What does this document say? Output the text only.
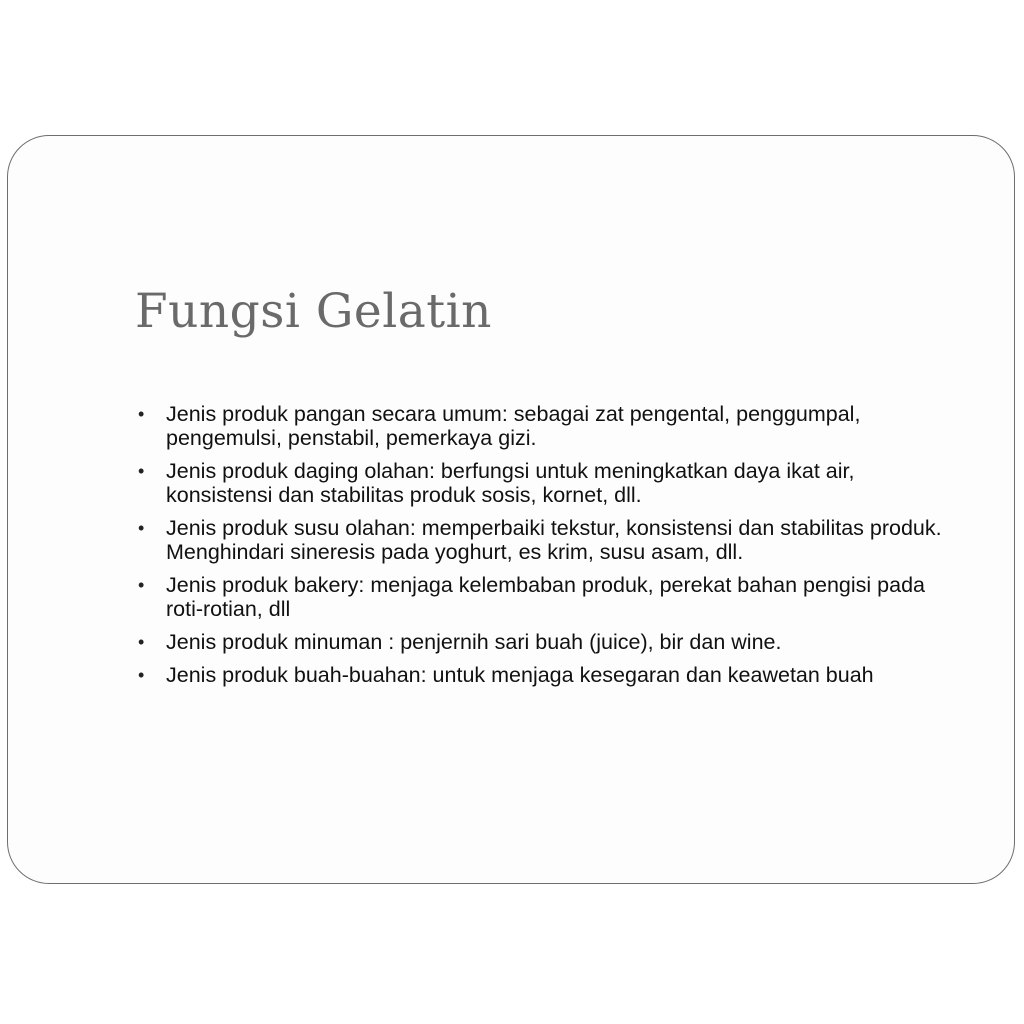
Fungsi Gelatin
• Jenis produk pangan secara umum: sebagai zat pengental, penggumpal, pengemulsi, penstabil, pemerkaya gizi.
• Jenis produk daging olahan: berfungsi untuk meningkatkan daya ikat air, konsistensi dan stabilitas produk sosis, kornet, dll.
• Jenis produk susu olahan: memperbaiki tekstur, konsistensi dan stabilitas produk. Menghindari sineresis pada yoghurt, es krim, susu asam, dll.
• Jenis produk bakery: menjaga kelembaban produk, perekat bahan pengisi pada roti-rotian, dll
• Jenis produk minuman : penjernih sari buah (juice), bir dan wine.
• Jenis produk buah-buahan: untuk menjaga kesegaran dan keawetan buah
